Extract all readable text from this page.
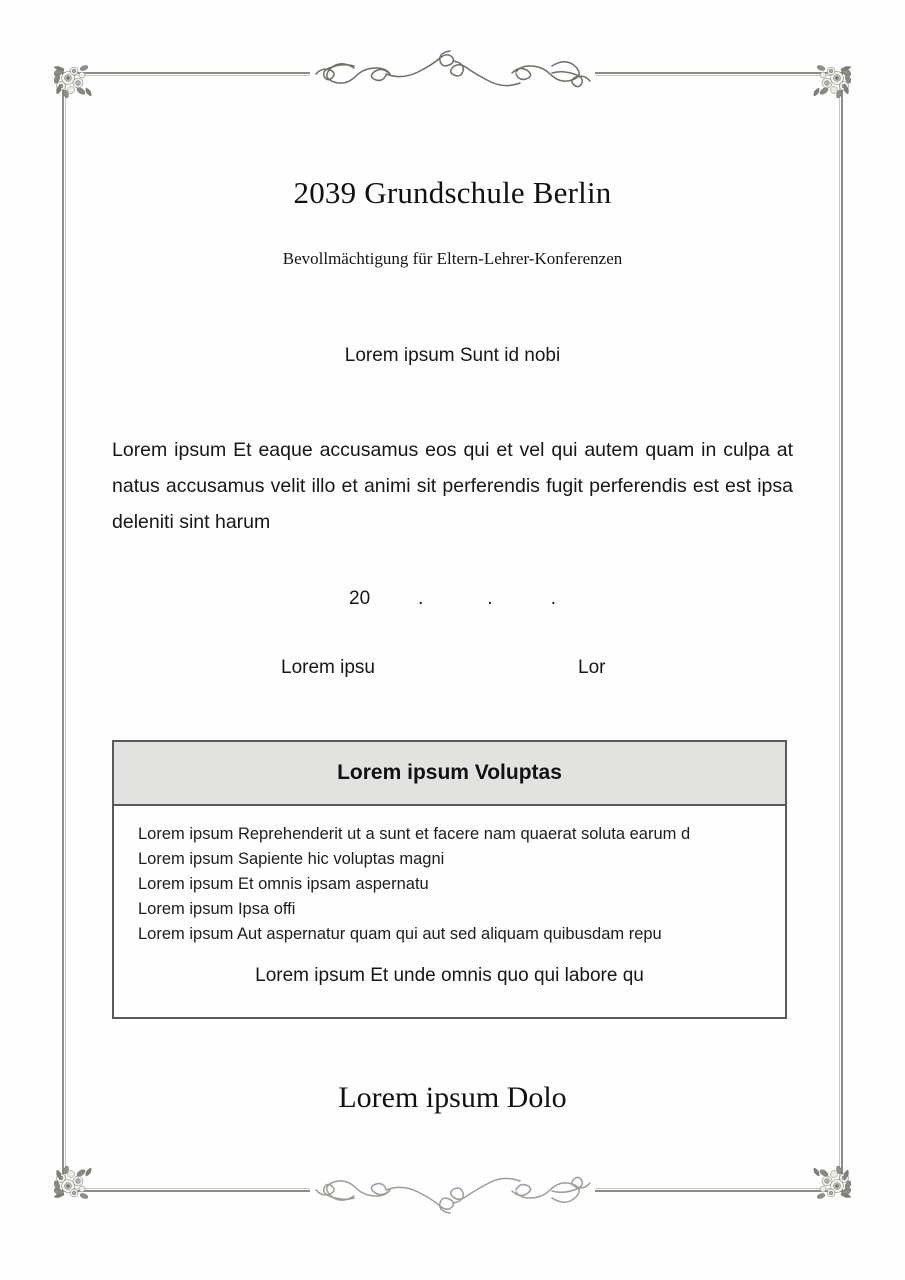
2039 Grundschule Berlin
Bevollmächtigung für Eltern-Lehrer-Konferenzen
Lorem ipsum Sunt id nobi
Lorem ipsum Et eaque accusamus eos qui et vel qui autem quam in culpa at natus accusamus velit illo et animi sit perferendis fugit perferendis est est ipsa deleniti sint harum
20	.	.	.
Lorem ipsu	Lor
Lorem ipsum Voluptas
Lorem ipsum Reprehenderit ut a sunt et facere nam quaerat soluta earum d
Lorem ipsum Sapiente hic voluptas magni
Lorem ipsum Et omnis ipsam aspernatu
Lorem ipsum Ipsa offi
Lorem ipsum Aut aspernatur quam qui aut sed aliquam quibusdam repu
Lorem ipsum Et unde omnis quo qui labore qu
Lorem ipsum Dolo
